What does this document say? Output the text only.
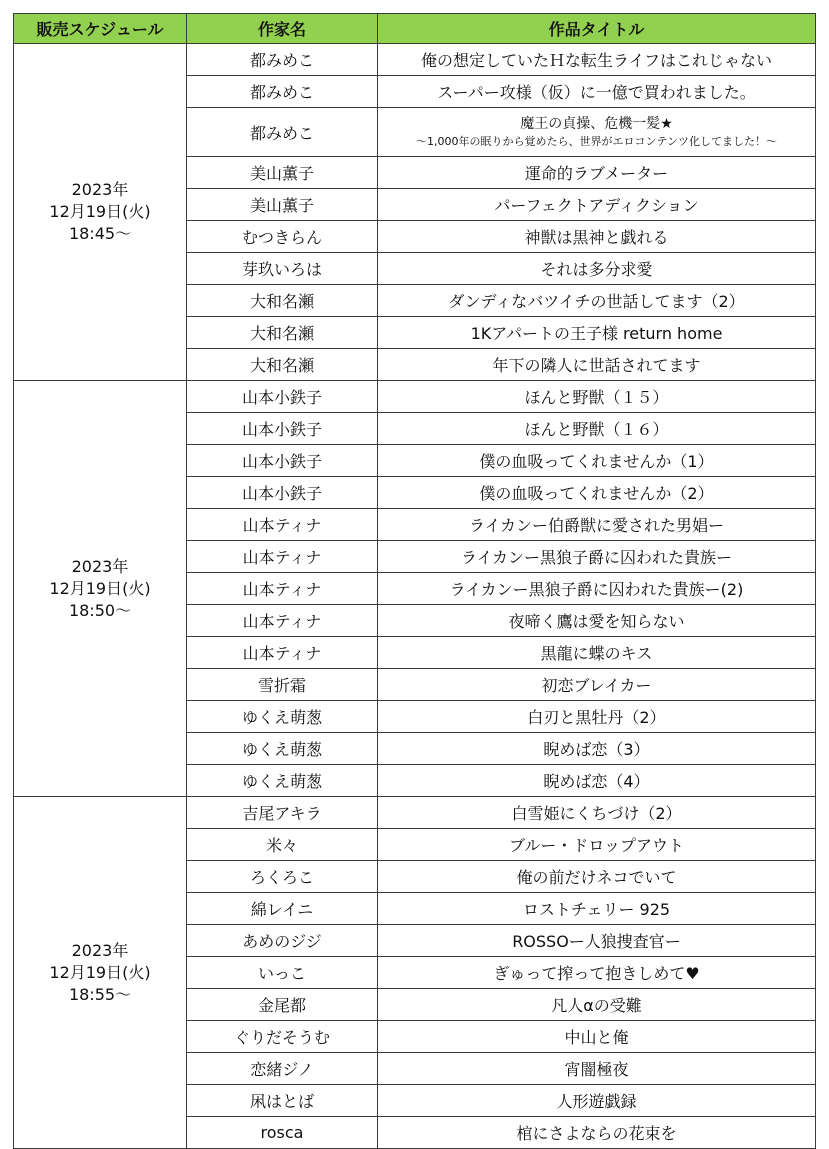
販売スケジュール	作家名	作品タイトル

2023年
12月19日(火)
18:45～	都みめこ	俺の想定していたＨな転生ライフはこれじゃない
	都みめこ	スーパー攻様（仮）に一億で買われました。
	都みめこ	魔王の貞操、危機一髪★
～1,000年の眠りから覚めたら、世界がエロコンテンツ化してました！～

	美山薫子	運命的ラブメーター
	美山薫子	パーフェクトアディクション
	むつきらん	神獣は黒神と戯れる
	芽玖いろは	それは多分求愛
	大和名瀬	ダンディなバツイチの世話してます（2）
	大和名瀬	1Kアパートの王子様 return home
	大和名瀬	年下の隣人に世話されてます

2023年
12月19日(火)
18:50～	山本小鉄子	ほんと野獣（１５）
	山本小鉄子	ほんと野獣（１６）
	山本小鉄子	僕の血吸ってくれませんか（1）
	山本小鉄子	僕の血吸ってくれませんか（2）
	山本ティナ	ライカンー伯爵獣に愛された男娼ー
	山本ティナ	ライカンー黒狼子爵に囚われた貴族ー
	山本ティナ	ライカンー黒狼子爵に囚われた貴族ー(2)
	山本ティナ	夜啼く鷹は愛を知らない
	山本ティナ	黒龍に蝶のキス
	雪折霜	初恋ブレイカー
	ゆくえ萌葱	白刃と黒牡丹（2）
	ゆくえ萌葱	睨めば恋（3）
	ゆくえ萌葱	睨めば恋（4）

2023年
12月19日(火)
18:55～	吉尾アキラ	白雪姫にくちづけ（2）
	米々	ブルー・ドロップアウト
	ろくろこ	俺の前だけネコでいて
	綿レイニ	ロストチェリー 925
	あめのジジ	ROSSOー人狼捜査官ー
	いっこ	ぎゅって搾って抱きしめて♥
	金尾都	凡人αの受難
	ぐりだそうむ	中山と俺
	恋緒ジノ	宵闇極夜
	凩はとば	人形遊戯録
	rosca	棺にさよならの花束を
